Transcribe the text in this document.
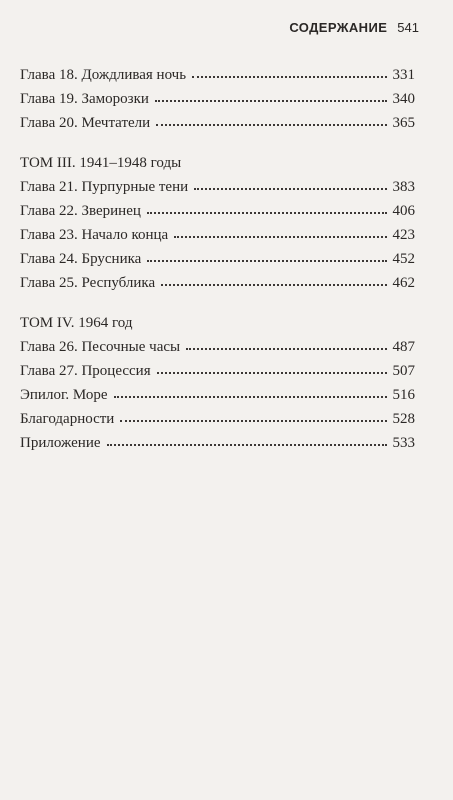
СОДЕРЖАНИЕ 541
Глава 18. Дождливая ночь	331
Глава 19. Заморозки	340
Глава 20. Мечтатели	365
ТОМ III. 1941–1948 годы
Глава 21. Пурпурные тени	383
Глава 22. Зверинец	406
Глава 23. Начало конца	423
Глава 24. Брусника	452
Глава 25. Республика	462
ТОМ IV. 1964 год
Глава 26. Песочные часы	487
Глава 27. Процессия	507
Эпилог. Море	516
Благодарности	528
Приложение	533
